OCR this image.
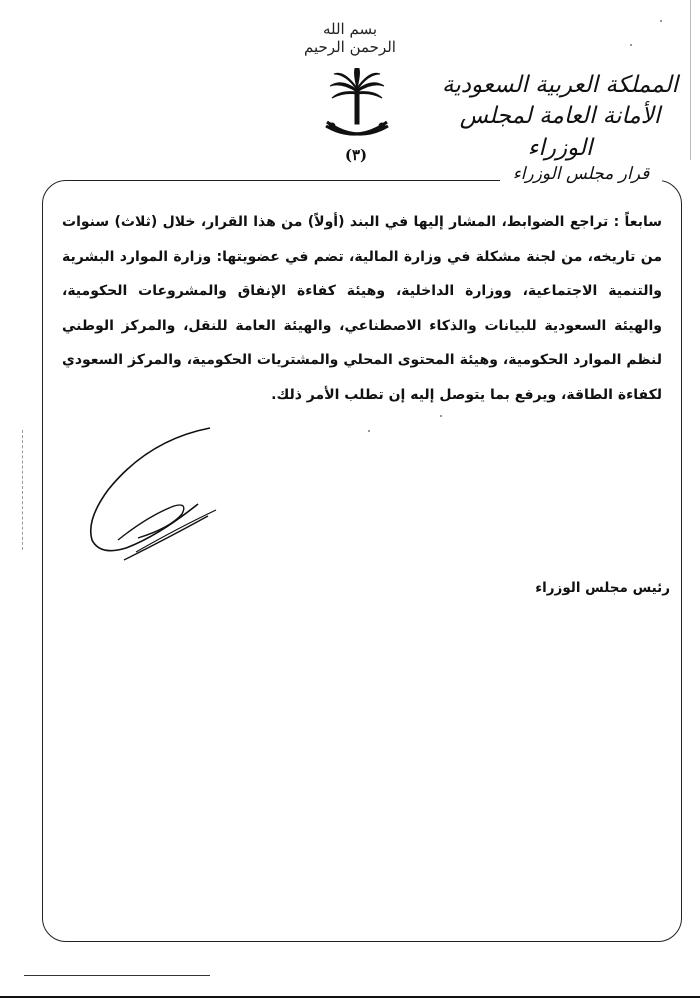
بسم الله الرحمن الرحيم
(٣)
المملكة العربية السعودية
الأمانة العامة لمجلس الوزراء
قرار مجلس الوزراء
سابعاً : تراجع الضوابط، المشار إليها في البند (أولاً) من هذا القرار، خلال (ثلاث) سنوات من تاريخه، من لجنة مشكلة في وزارة المالية، تضم في عضويتها: وزارة الموارد البشرية والتنمية الاجتماعية، ووزارة الداخلية، وهيئة كفاءة الإنفاق والمشروعات الحكومية، والهيئة السعودية للبيانات والذكاء الاصطناعي، والهيئة العامة للنقل، والمركز الوطني لنظم الموارد الحكومية، وهيئة المحتوى المحلي والمشتريات الحكومية، والمركز السعودي لكفاءة الطاقة، ويرفع بما يتوصل إليه إن تطلب الأمر ذلك.
رئيس مجلس الوزراء
